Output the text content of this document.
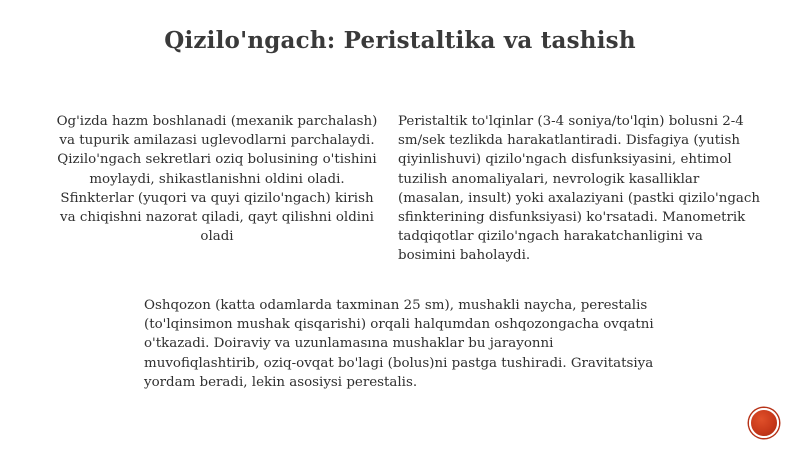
Qizilo'ngach: Peristaltika va tashish
Og'izda hazm boshlanadi (mexanik parchalash) va tupurik amilazasi uglevodlarni parchalaydi. Qizilo'ngach sekretlari oziq bolusining o'tishini moylaydi, shikastlanishni oldini oladi. Sfinkterlar (yuqori va quyi qizilo'ngach) kirish va chiqishni nazorat qiladi, qayt qilishni oldini oladi
Peristaltik to'lqinlar (3-4 soniya/to'lqin) bolusni 2-4 sm/sek tezlikda harakatlantiradi. Disfagiya (yutish qiyinlishuvi) qizilo'ngach disfunksiyasini, ehtimol tuzilish anomaliyalari, nevrologik kasalliklar (masalan, insult) yoki axalaziyani (pastki qizilo'ngach sfinkterining disfunksiyasi) ko'rsatadi. Manometrik tadqiqotlar qizilo'ngach harakatchanligini va bosimini baholaydi.
Oshqozon (katta odamlarda taxminan 25 sm), mushakli naycha, perestalis (to'lqinsimon mushak qisqarishi) orqali halqumdan oshqozongacha ovqatni o'tkazadi. Doiraviy va uzunlamasına mushaklar bu jarayonni muvofiqlashtirib, oziq-ovqat bo'lagi (bolus)ni pastga tushiradi. Gravitatsiya yordam beradi, lekin asosiysi perestalis.
